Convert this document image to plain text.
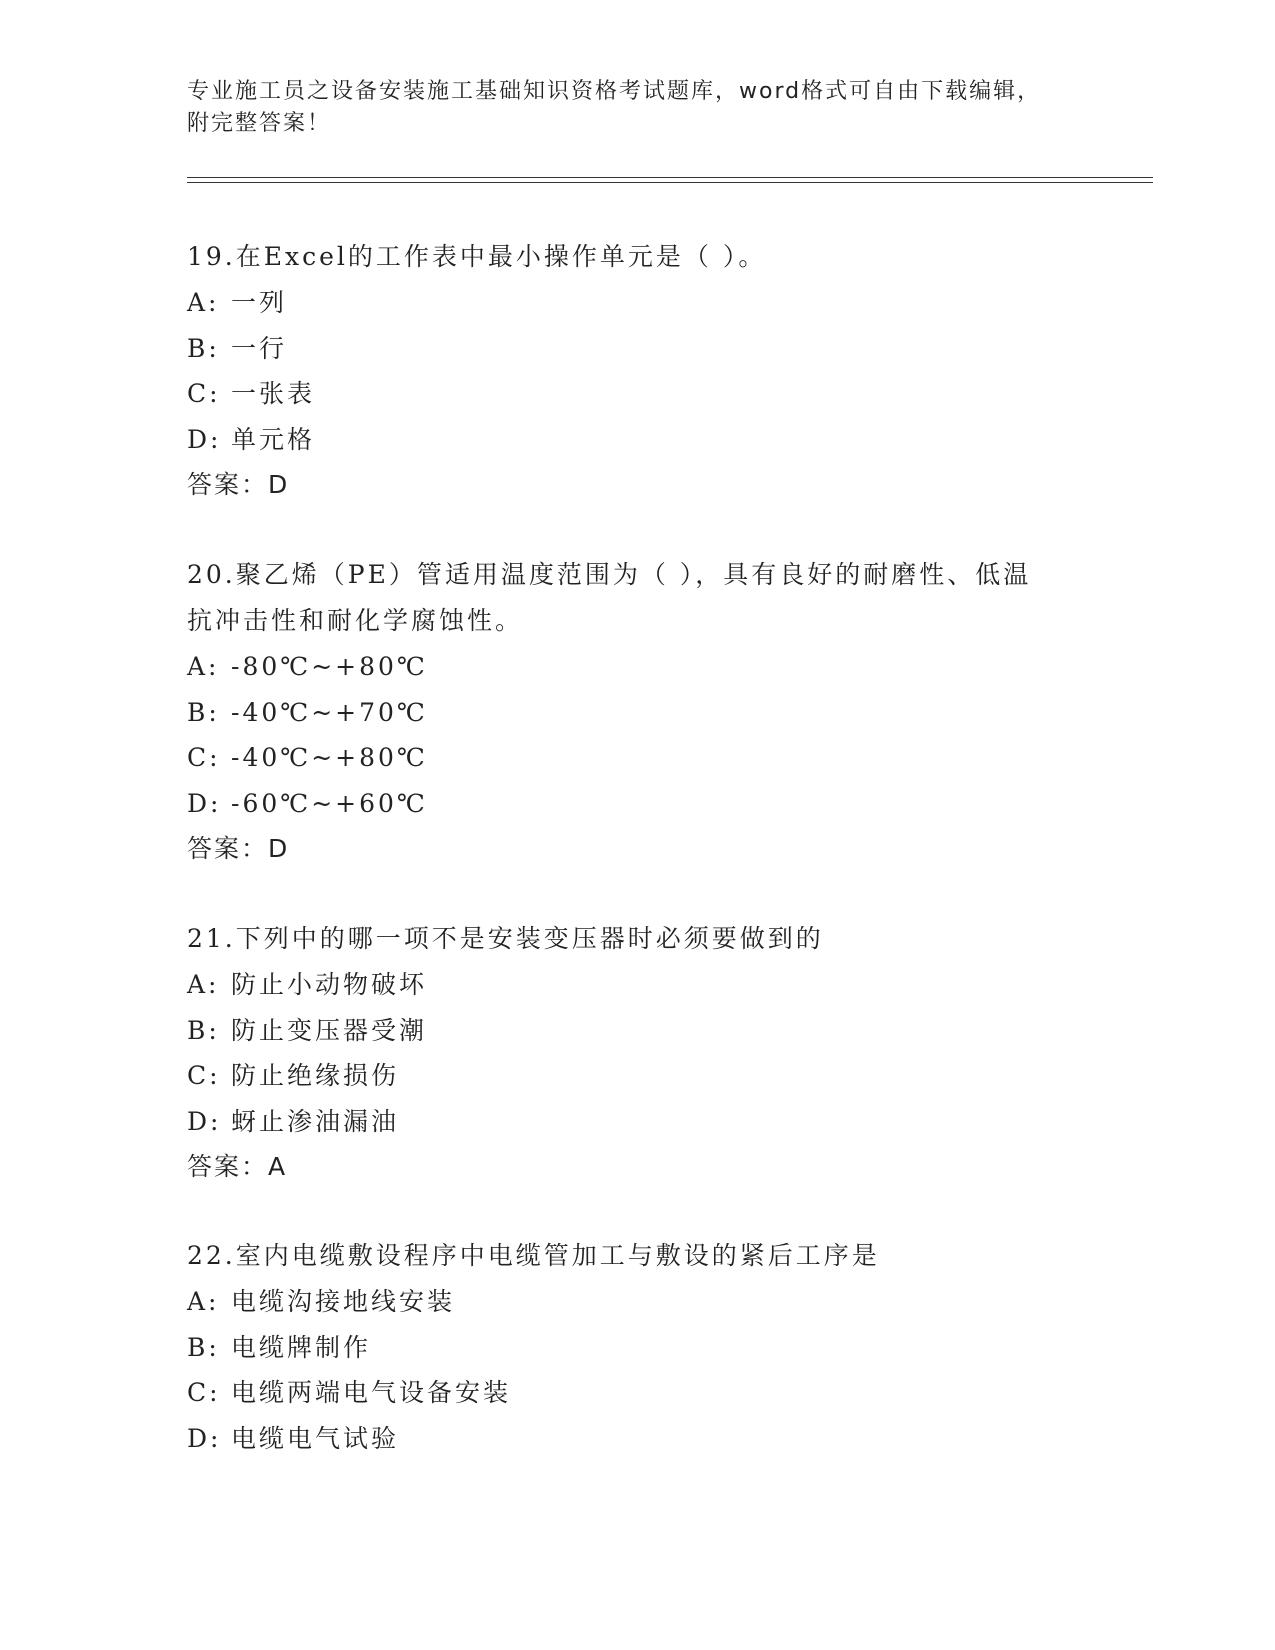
专业施工员之设备安装施工基础知识资格考试题库，word格式可自由下载编辑，
附完整答案！

19.在Excel的工作表中最小操作单元是（ ）。

A: 一列

B: 一行

C: 一张表

D: 单元格

答案：D

20.聚乙烯（PE）管适用温度范围为（ ），具有良好的耐磨性、低温

抗冲击性和耐化学腐蚀性。

A: -80℃~+80℃

B: -40℃~+70℃

C: -40℃~+80℃

D: -60℃~+60℃

答案：D

21.下列中的哪一项不是安装变压器时必须要做到的

A: 防止小动物破坏

B: 防止变压器受潮

C: 防止绝缘损伤

D: 蚜止渗油漏油

答案：A

22.室内电缆敷设程序中电缆管加工与敷设的紧后工序是

A: 电缆沟接地线安装

B: 电缆牌制作

C: 电缆两端电气设备安装

D: 电缆电气试验
